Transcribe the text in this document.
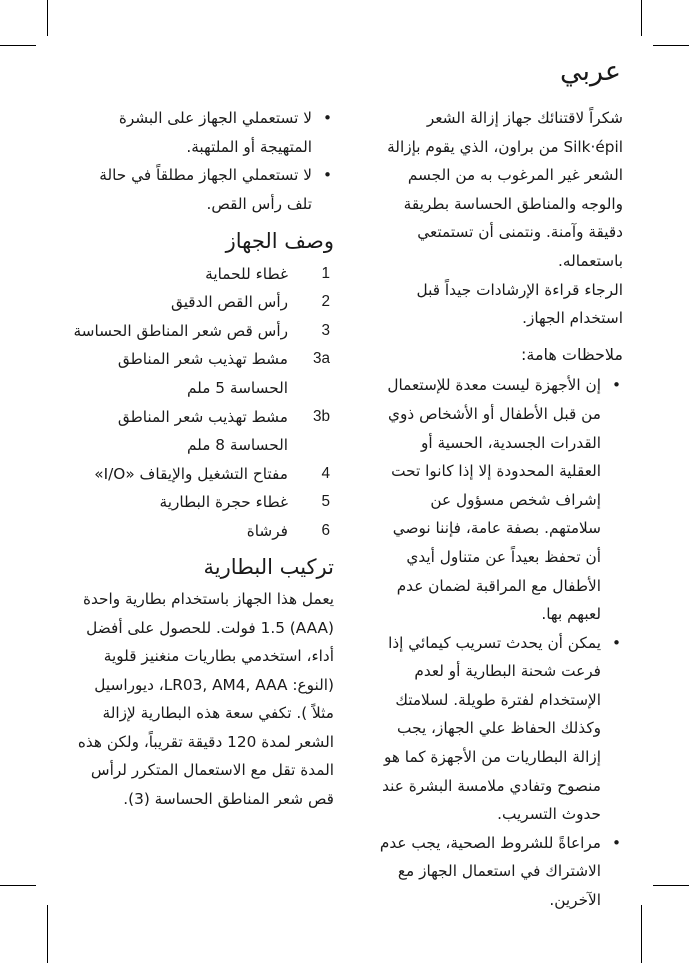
عربي

شكراً لاقتنائك جهاز إزالة الشعر Silk·épil من براون، الذي يقوم بإزالة الشعر غير المرغوب به من الجسم والوجه والمناطق الحساسة بطريقة دقيقة وآمنة. ونتمنى أن تستمتعي باستعماله.

الرجاء قراءة الإرشادات جيداً قبل استخدام الجهاز.

ملاحظات هامة:
• إن الأجهزة ليست معدة للإستعمال من قبل الأطفال أو الأشخاص ذوي القدرات الجسدية، الحسية أو العقلية المحدودة إلا إذا كانوا تحت إشراف شخص مسؤول عن سلامتهم. بصفة عامة، فإننا نوصي أن تحفظ بعيداً عن متناول أيدي الأطفال مع المراقبة لضمان عدم لعبهم بها.
• يمكن أن يحدث تسريب كيمائي إذا فرعت شحنة البطارية أو لعدم الإستخدام لفترة طويلة. لسلامتك وكذلك الحفاظ علي الجهاز، يجب إزالة البطاريات من الأجهزة كما هو منصوح وتفادي ملامسة البشرة عند حدوث التسريب.
• مراعاةً للشروط الصحية، يجب عدم الاشتراك في استعمال الجهاز مع الآخرين.
• لا تستعملي الجهاز على البشرة المتهيجة أو الملتهبة.
• لا تستعملي الجهاز مطلقاً في حالة تلف رأس القص.
وصف الجهاز
1
غطاء للحماية
2
رأس القص الدقيق
3
رأس قص شعر المناطق الحساسة
3a
مشط تهذيب شعر المناطق الحساسة 5 ملم
3b
مشط تهذيب شعر المناطق الحساسة 8 ملم
4
مفتاح التشغيل والإيقاف «I/O»
5
غطاء حجرة البطارية
6
فرشاة
تركيب البطارية

يعمل هذا الجهاز باستخدام بطارية واحدة (AAA) 1.5 فولت. للحصول على أفضل أداء، استخدمي بطاريات منغنيز قلوية (النوع: LR03, AM4, AAA، ديوراسيل مثلاً ). تكفي سعة هذه البطارية لإزالة الشعر لمدة 120 دقيقة تقريباً، ولكن هذه المدة تقل مع الاستعمال المتكرر لرأس قص شعر المناطق الحساسة (3).
